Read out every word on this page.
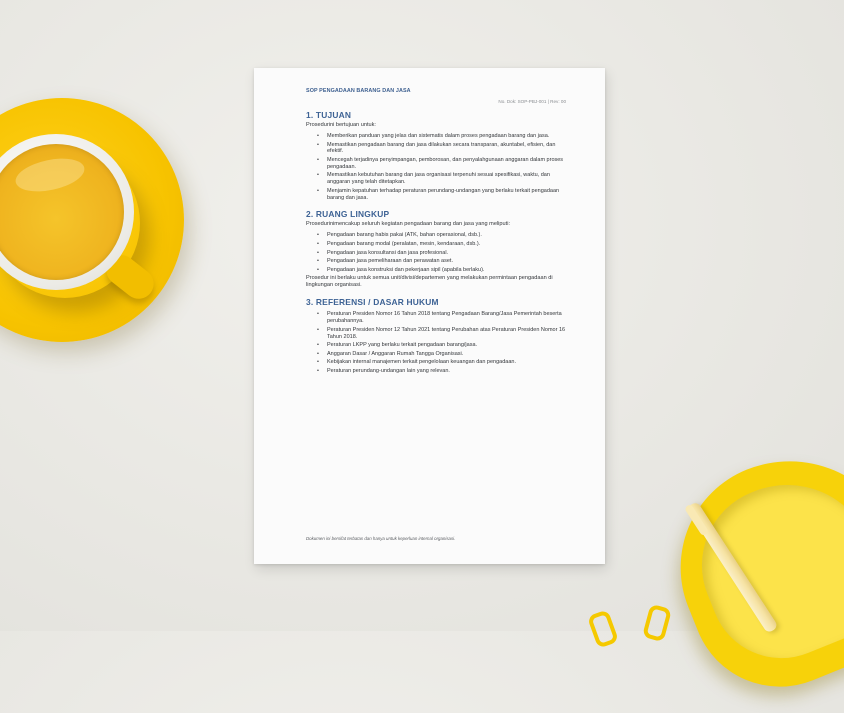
SOP PENGADAAN BARANG DAN JASA
No. Dok: SOP-PBJ-001 | Rev: 00
1. TUJUAN
Prosedurini bertujuan untuk:
• Memberikan panduan yang jelas dan sistematis dalam proses pengadaan barang dan jasa.
• Memastikan pengadaan barang dan jasa dilakukan secara transparan, akuntabel, efisien, dan efektif.
• Mencegah terjadinya penyimpangan, pemborosan, dan penyalahgunaan anggaran dalam proses pengadaan.
• Memastikan kebutuhan barang dan jasa organisasi terpenuhi sesuai spesifikasi, waktu, dan anggaran yang telah ditetapkan.
• Menjamin kepatuhan terhadap peraturan perundang-undangan yang berlaku terkait pengadaan barang dan jasa.
2. RUANG LINGKUP
Prosedurinimencakup seluruh kegiatan pengadaan barang dan jasa yang meliputi:
• Pengadaan barang habis pakai (ATK, bahan operasional, dsb.).
• Pengadaan barang modal (peralatan, mesin, kendaraan, dsb.).
• Pengadaan jasa konsultansi dan jasa profesional.
• Pengadaan jasa pemeliharaan dan perawatan aset.
• Pengadaan jasa konstruksi dan pekerjaan sipil (apabila berlaku).
Prosedur ini berlaku untuk semua unit/divisi/departemen yang melakukan permintaan pengadaan di lingkungan organisasi.
3. REFERENSI / DASAR HUKUM
• Peraturan Presiden Nomor 16 Tahun 2018 tentang Pengadaan Barang/Jasa Pemerintah beserta perubahannya.
• Peraturan Presiden Nomor 12 Tahun 2021 tentang Perubahan atas Peraturan Presiden Nomor 16 Tahun 2018.
• Peraturan LKPP yang berlaku terkait pengadaan barang/jasa.
• Anggaran Dasar / Anggaran Rumah Tangga Organisasi.
• Kebijakan internal manajemen terkait pengelolaan keuangan dan pengadaan.
• Peraturan perundang-undangan lain yang relevan.
Dokumen ini bersifat terbatas dan hanya untuk keperluan internal organisasi.
